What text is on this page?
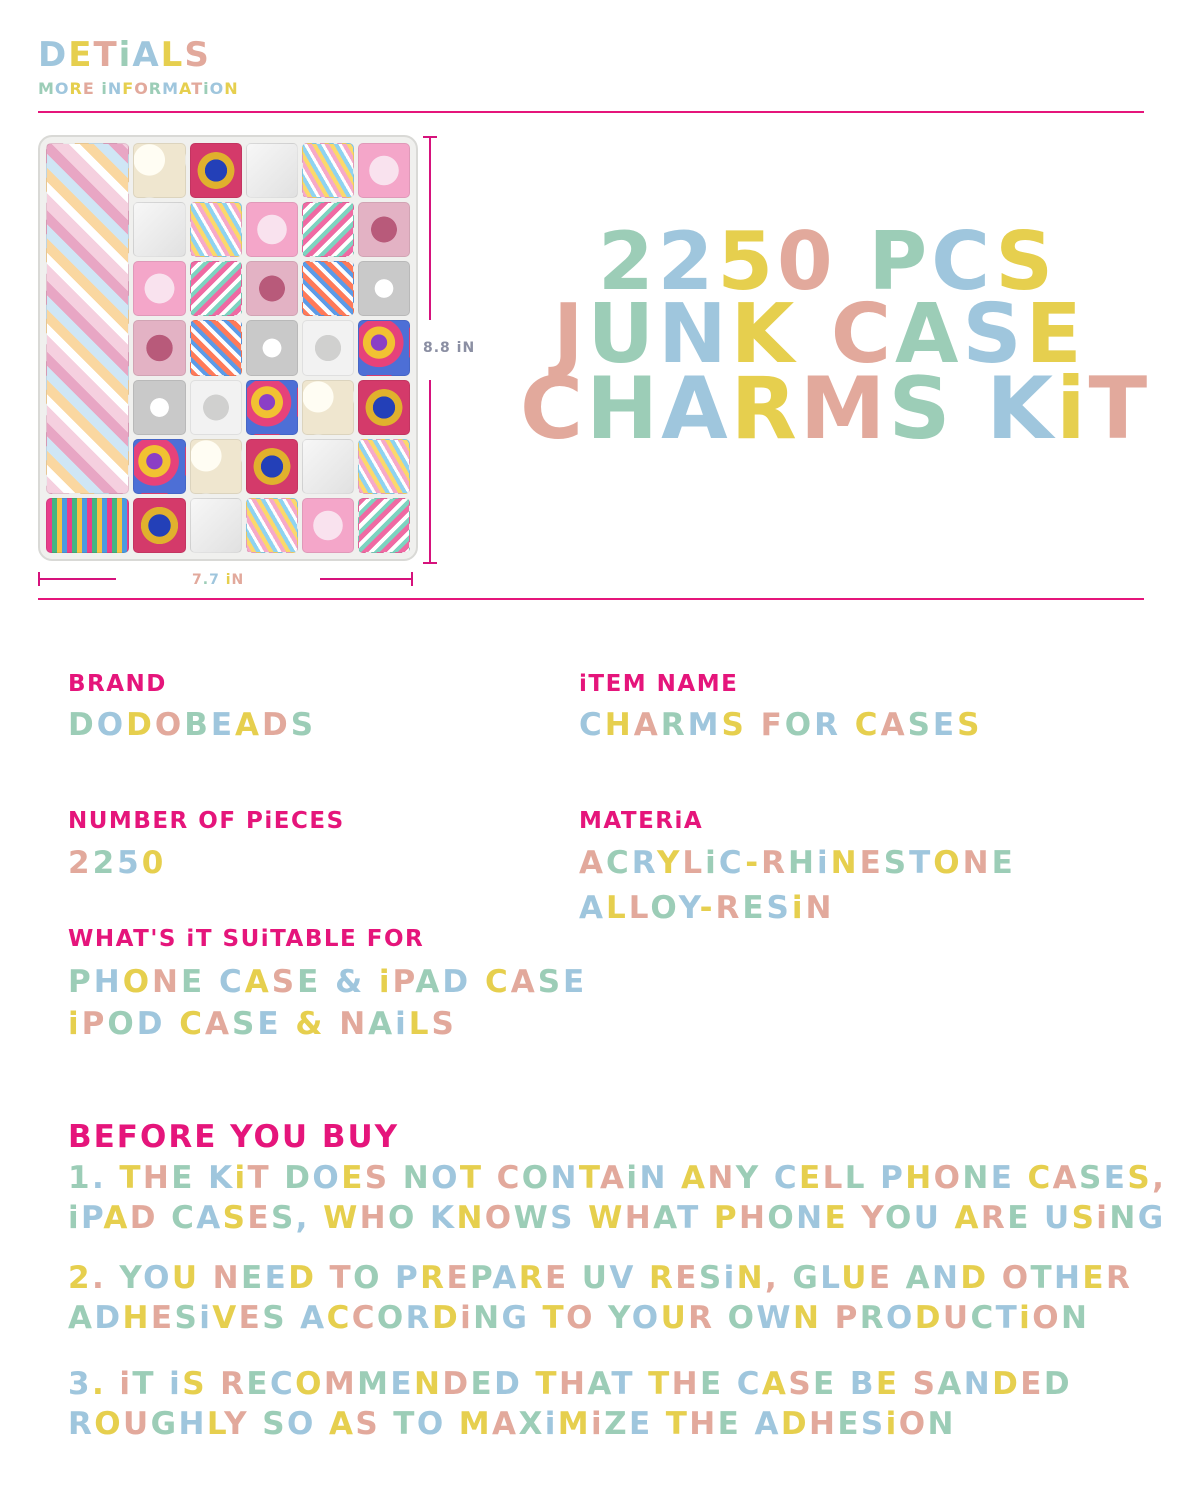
DETiALS
MORE iNFORMATiON
8.8 iN
7.7 iN
2250 PCS
JUNK CASE
CHARMS KiT
BRAND
DODOBEADS
iTEM NAME
CHARMS FOR CASES
NUMBER OF PiECES
2250
MATERiA
ACRYLiC-RHiNESTONE
ALLOY-RESiN
WHAT'S iT SUiTABLE FOR
PHONE CASE & iPAD CASE
iPOD CASE & NAiLS
BEFORE YOU BUY
1. THE KiT DOES NOT CONTAiN ANY CELL PHONE CASES,
iPAD CASES, WHO KNOWS WHAT PHONE YOU ARE USiNG
2. YOU NEED TO PREPARE UV RESiN, GLUE AND OTHER
ADHESiVES ACCORDiNG TO YOUR OWN PRODUCTiON
3. iT iS RECOMMENDED THAT THE CASE BE SANDED
ROUGHLY SO AS TO MAXiMiZE THE ADHESiON
